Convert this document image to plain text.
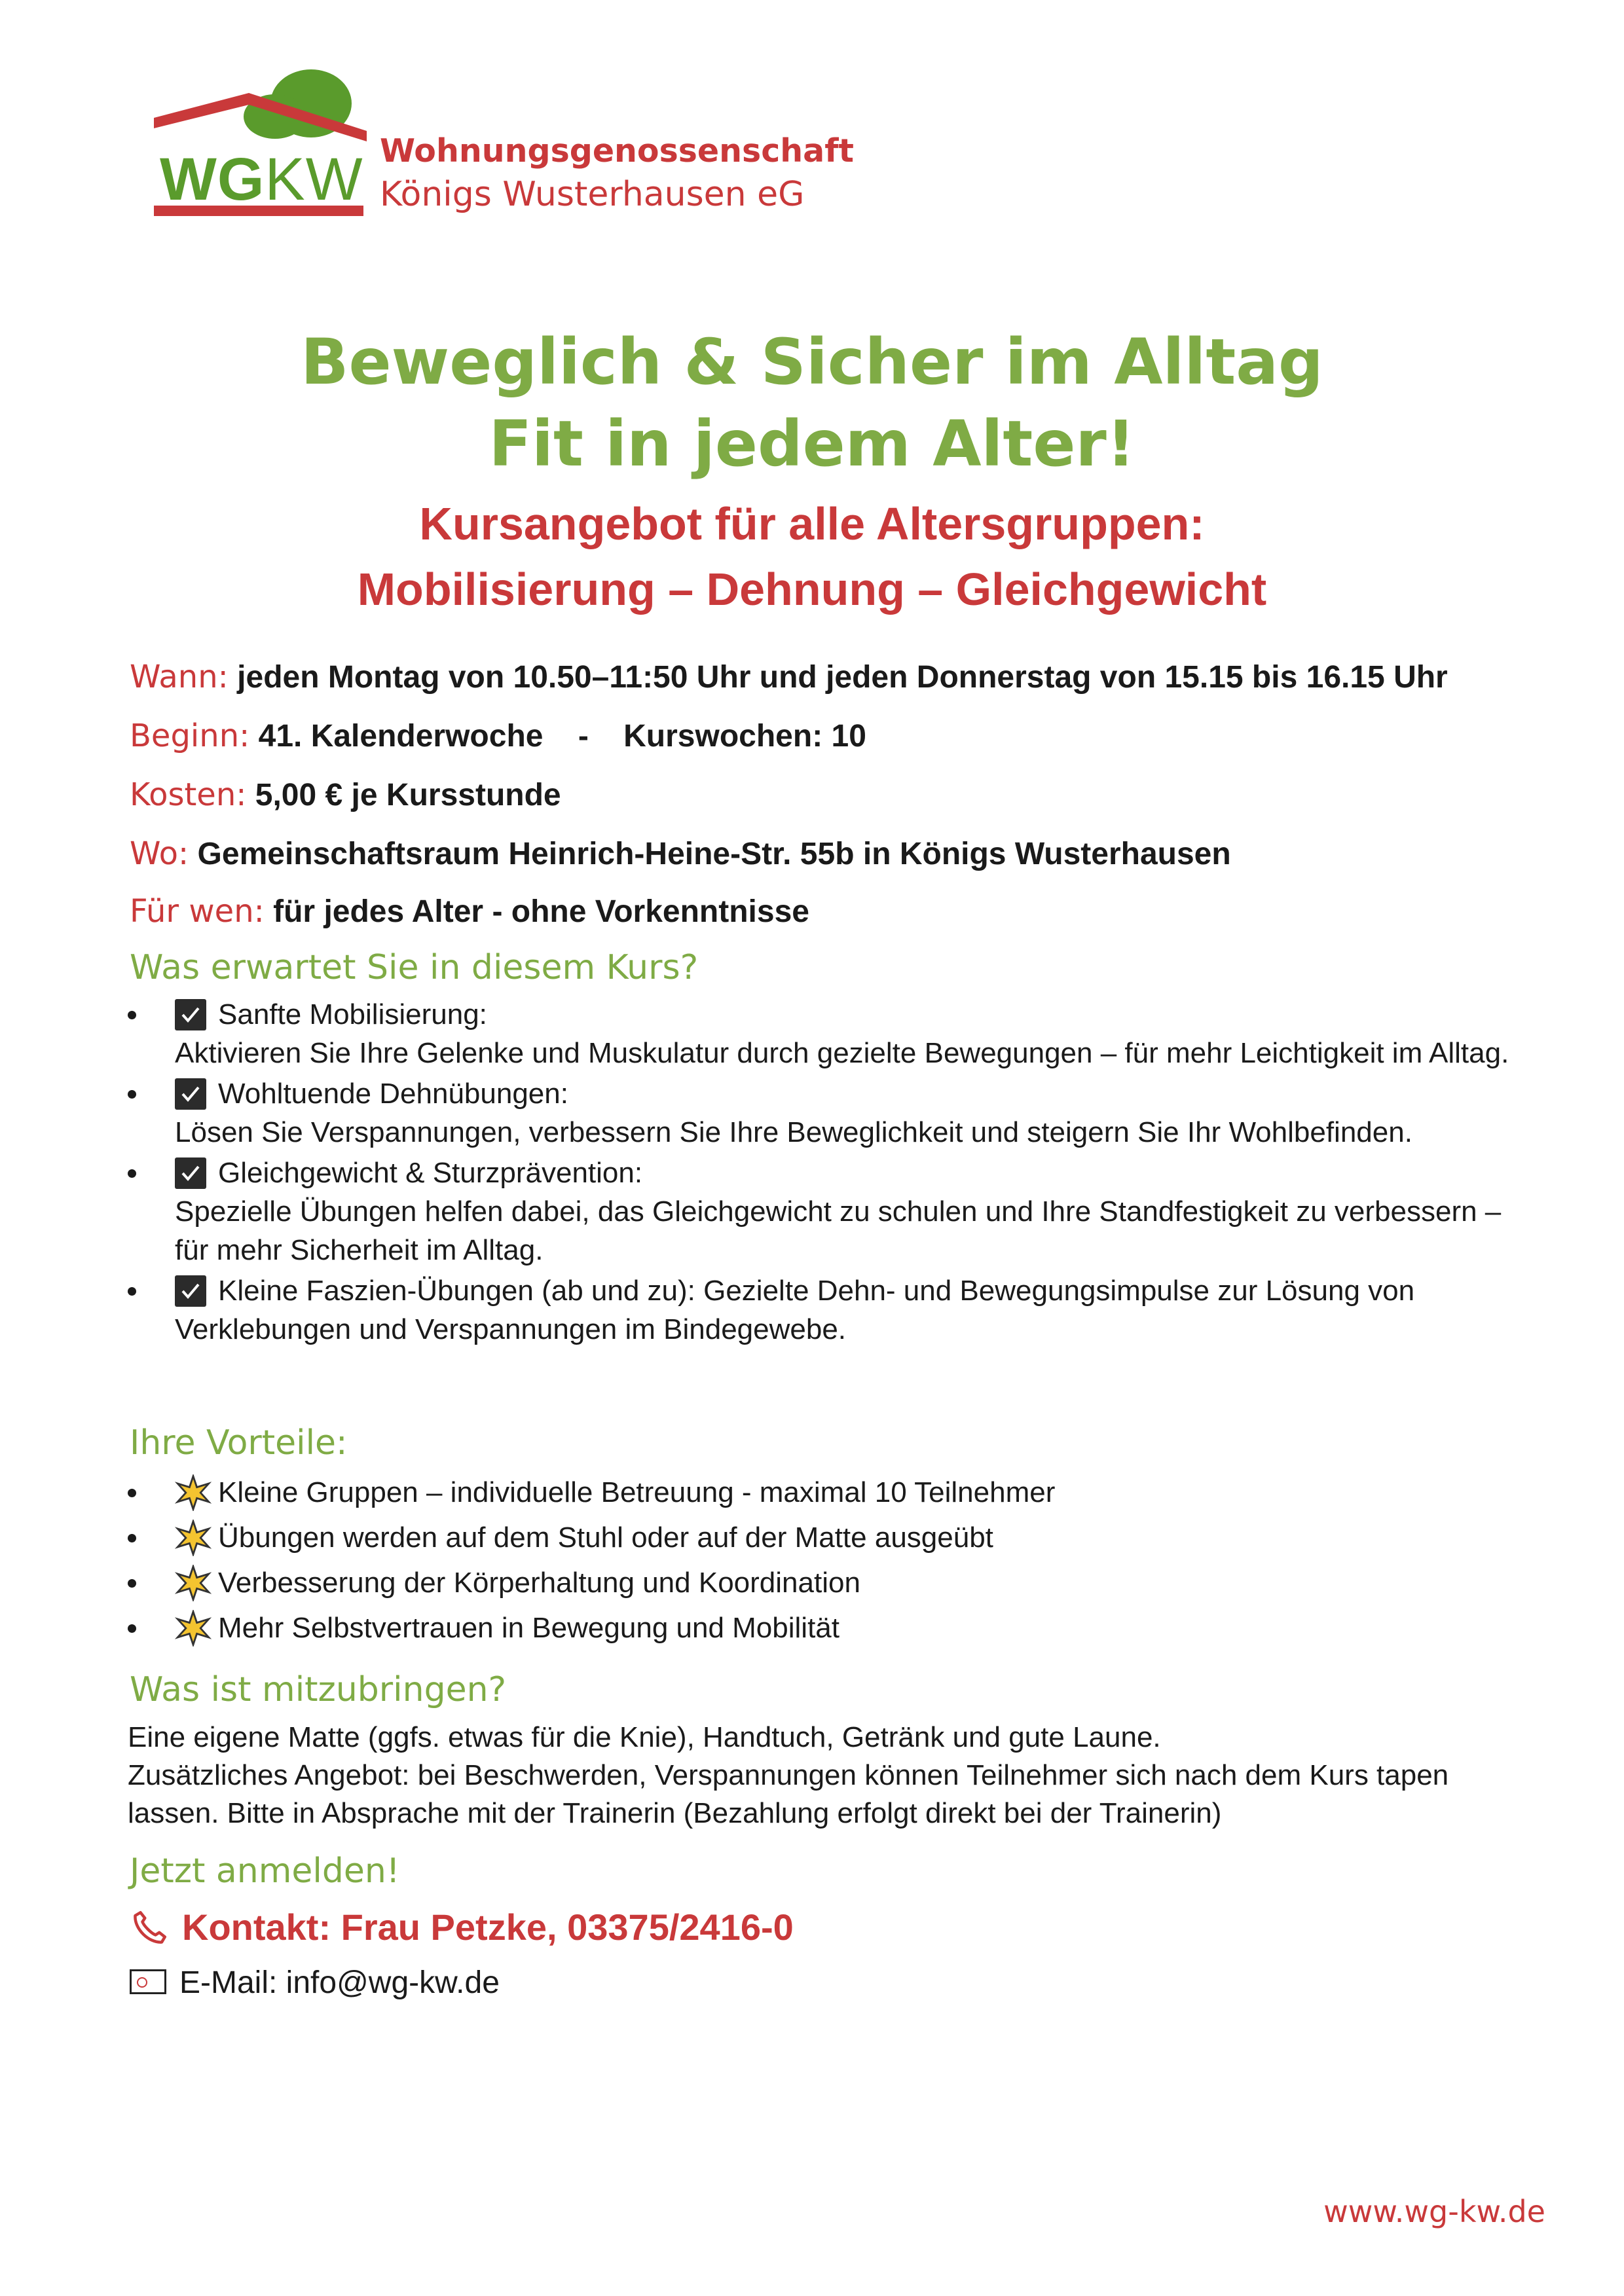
WGKW Wohnungsgenossenschaft
Königs Wusterhausen eG
Beweglich & Sicher im Alltag
Fit in jedem Alter!
Kursangebot für alle Altersgruppen:
Mobilisierung – Dehnung – Gleichgewicht
Wann: jeden Montag von 10.50–11:50 Uhr und jeden Donnerstag von 15.15 bis 16.15 Uhr
Beginn: 41. Kalenderwoche - Kurswochen: 10
Kosten: 5,00 € je Kursstunde
Wo: Gemeinschaftsraum Heinrich-Heine-Str. 55b in Königs Wusterhausen
Für wen: für jedes Alter - ohne Vorkenntnisse
Was erwartet Sie in diesem Kurs?
Sanfte Mobilisierung:
Aktivieren Sie Ihre Gelenke und Muskulatur durch gezielte Bewegungen – für mehr Leichtigkeit im Alltag.
Wohltuende Dehnübungen:
Lösen Sie Verspannungen, verbessern Sie Ihre Beweglichkeit und steigern Sie Ihr Wohlbefinden.
Gleichgewicht & Sturzprävention:
Spezielle Übungen helfen dabei, das Gleichgewicht zu schulen und Ihre Standfestigkeit zu verbessern – für mehr Sicherheit im Alltag.
Kleine Faszien-Übungen (ab und zu): Gezielte Dehn- und Bewegungsimpulse zur Lösung von Verklebungen und Verspannungen im Bindegewebe.
Ihre Vorteile:
Kleine Gruppen – individuelle Betreuung - maximal 10 Teilnehmer
Übungen werden auf dem Stuhl oder auf der Matte ausgeübt
Verbesserung der Körperhaltung und Koordination
Mehr Selbstvertrauen in Bewegung und Mobilität
Was ist mitzubringen?
Eine eigene Matte (ggfs. etwas für die Knie), Handtuch, Getränk und gute Laune.
Zusätzliches Angebot: bei Beschwerden, Verspannungen können Teilnehmer sich nach dem Kurs tapen lassen. Bitte in Absprache mit der Trainerin (Bezahlung erfolgt direkt bei der Trainerin)
Jetzt anmelden!
Kontakt: Frau Petzke, 03375/2416-0
E-Mail: info@wg-kw.de
www.wg-kw.de
